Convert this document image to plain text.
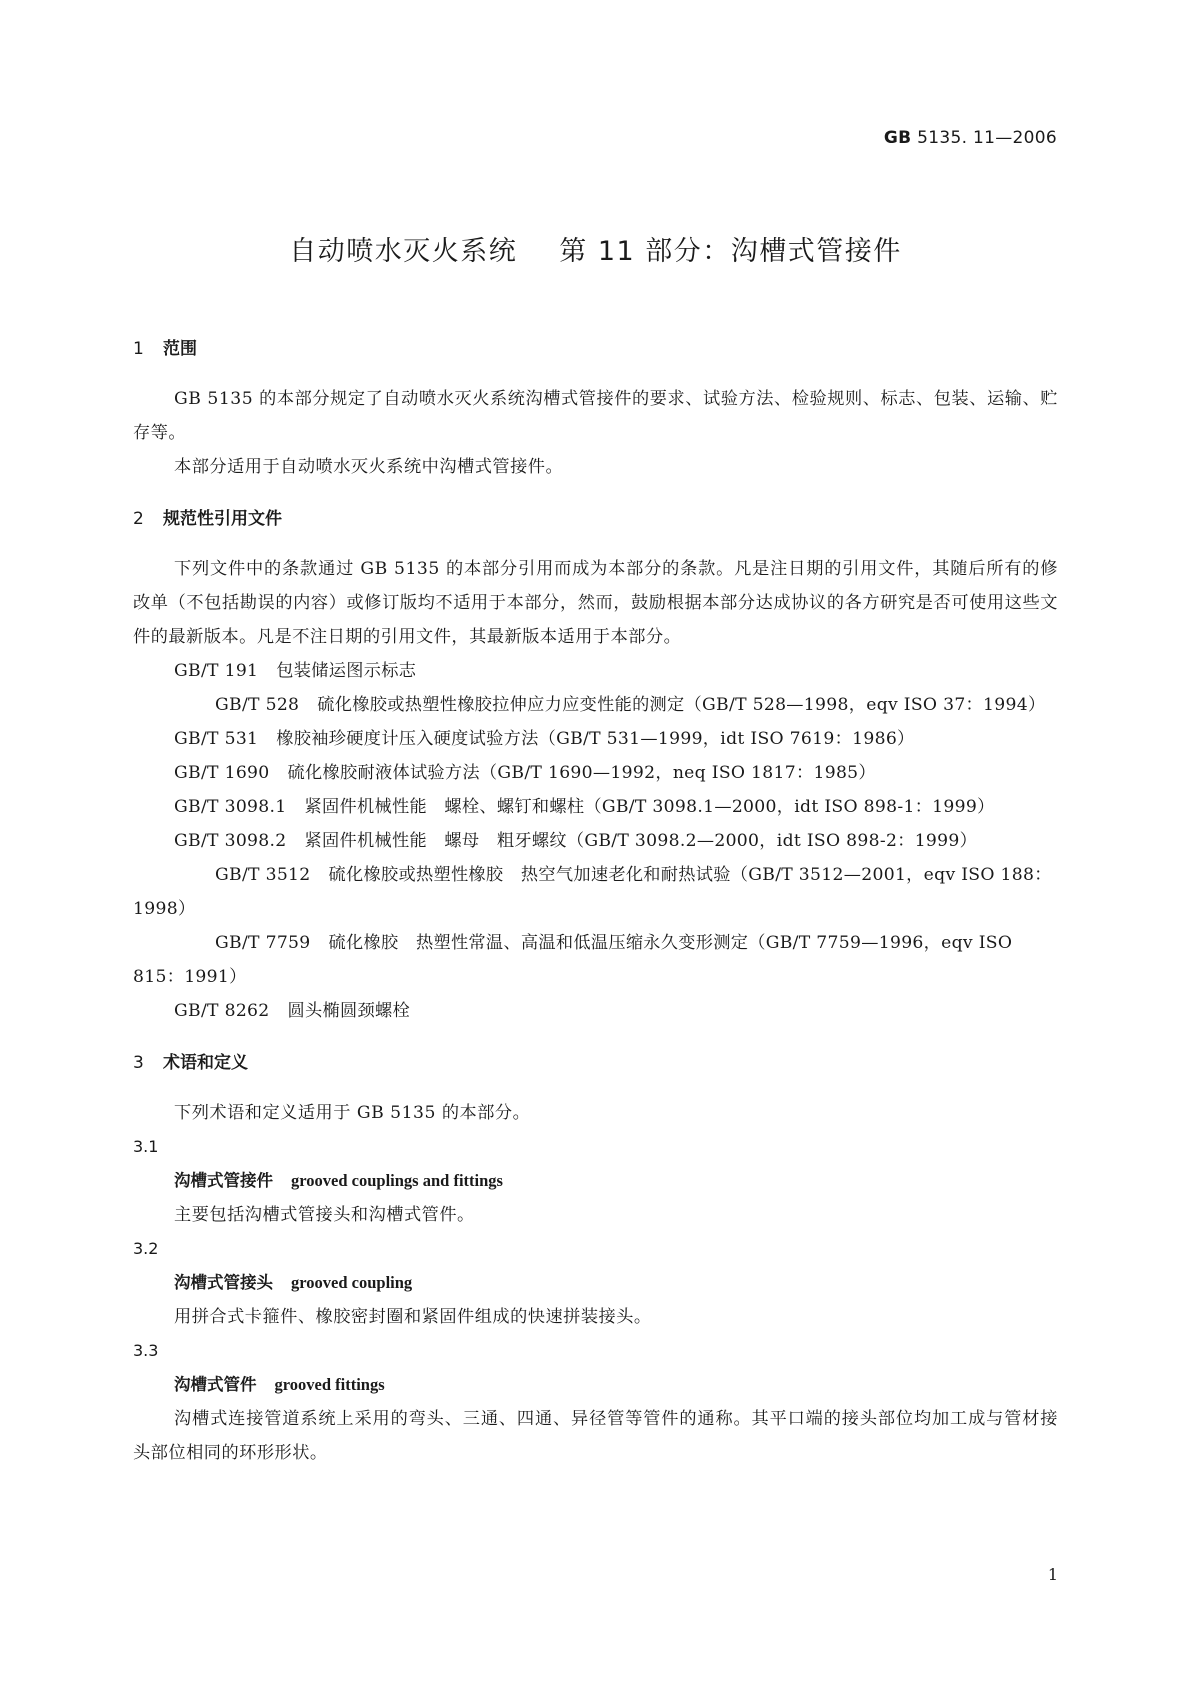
GB 5135. 11—2006
自动喷水灭火系统 第 11 部分：沟槽式管接件
1 范围

GB 5135 的本部分规定了自动喷水灭火系统沟槽式管接件的要求、试验方法、检验规则、标志、包装、运输、贮存等。

本部分适用于自动喷水灭火系统中沟槽式管接件。

2 规范性引用文件

下列文件中的条款通过 GB 5135 的本部分引用而成为本部分的条款。凡是注日期的引用文件，其随后所有的修改单（不包括勘误的内容）或修订版均不适用于本部分，然而，鼓励根据本部分达成协议的各方研究是否可使用这些文件的最新版本。凡是不注日期的引用文件，其最新版本适用于本部分。

GB/T 191 包装储运图示标志

GB/T 528 硫化橡胶或热塑性橡胶拉伸应力应变性能的测定（GB/T 528—1998，eqv ISO 37：1994）

GB/T 531 橡胶袖珍硬度计压入硬度试验方法（GB/T 531—1999，idt ISO 7619：1986）

GB/T 1690 硫化橡胶耐液体试验方法（GB/T 1690—1992，neq ISO 1817：1985）

GB/T 3098.1 紧固件机械性能　螺栓、螺钉和螺柱（GB/T 3098.1—2000，idt ISO 898-1：1999）

GB/T 3098.2 紧固件机械性能　螺母　粗牙螺纹（GB/T 3098.2—2000，idt ISO 898-2：1999）

GB/T 3512 硫化橡胶或热塑性橡胶　热空气加速老化和耐热试验（GB/T 3512—2001，eqv ISO 188：1998）

GB/T 7759 硫化橡胶　热塑性常温、高温和低温压缩永久变形测定（GB/T 7759—1996，eqv ISO 815：1991）

GB/T 8262 圆头椭圆颈螺栓

3 术语和定义

下列术语和定义适用于 GB 5135 的本部分。

3.1

沟槽式管接件 grooved couplings and fittings

主要包括沟槽式管接头和沟槽式管件。

3.2

沟槽式管接头 grooved coupling

用拼合式卡箍件、橡胶密封圈和紧固件组成的快速拼装接头。

3.3

沟槽式管件 grooved fittings

沟槽式连接管道系统上采用的弯头、三通、四通、异径管等管件的通称。其平口端的接头部位均加工成与管材接头部位相同的环形形状。

1
